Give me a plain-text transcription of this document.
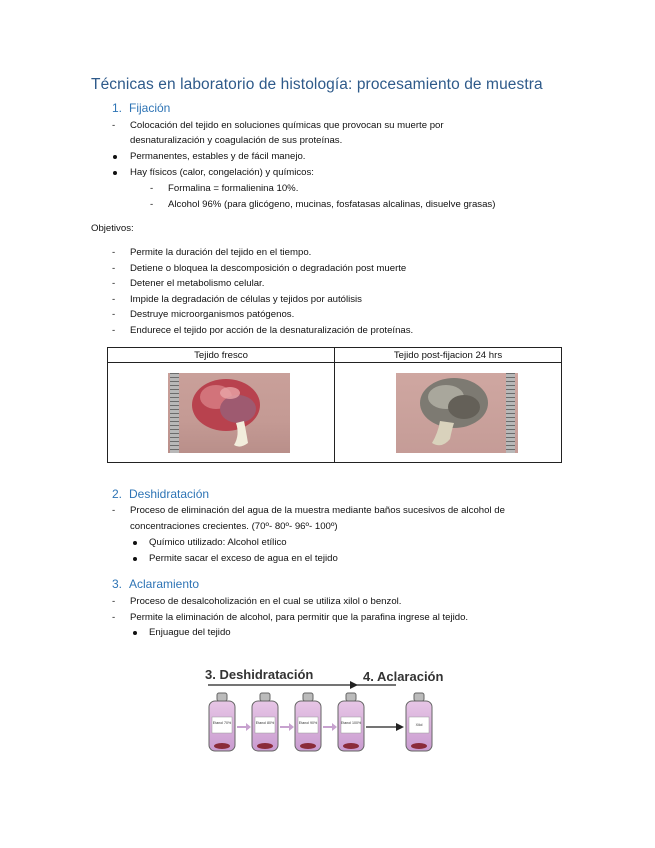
Técnicas en laboratorio de histología: procesamiento de muestra
1. Fijación
- Colocación del tejido en soluciones químicas que provocan su muerte por
desnaturalización y coagulación de sus proteínas.
Permanentes, estables y de fácil manejo.
Hay físicos (calor, congelación) y químicos:
- Formalina = formalienina 10%.
- Alcohol 96% (para glicógeno, mucinas, fosfatasas alcalinas, disuelve grasas)
Objetivos:
- Permite la duración del tejido en el tiempo.
- Detiene o bloquea la descomposición o degradación post muerte
- Detener el metabolismo celular.
- Impide la degradación de células y tejidos por autólisis
- Destruye microorganismos patógenos.
- Endurece el tejido por acción de la desnaturalización de proteínas.
Tejido fresco	Tejido post-fijacion 24 hrs

2. Deshidratación
- Proceso de eliminación del agua de la muestra mediante baños sucesivos de alcohol de
concentraciones crecientes. (70º- 80º- 96º- 100º)
Químico utilizado: Alcohol etílico
Permite sacar el exceso de agua en el tejido
3. Aclaramiento
- Proceso de desalcoholización en el cual se utiliza xilol o benzol.
- Permite la eliminación de alcohol, para permitir que la parafina ingrese al tejido.
Enjuague del tejido
3. Deshidratación	4. Aclaración
Etanol 70%	Etanol 80%	Etanol 90%	Etanol 100%	Xilol
